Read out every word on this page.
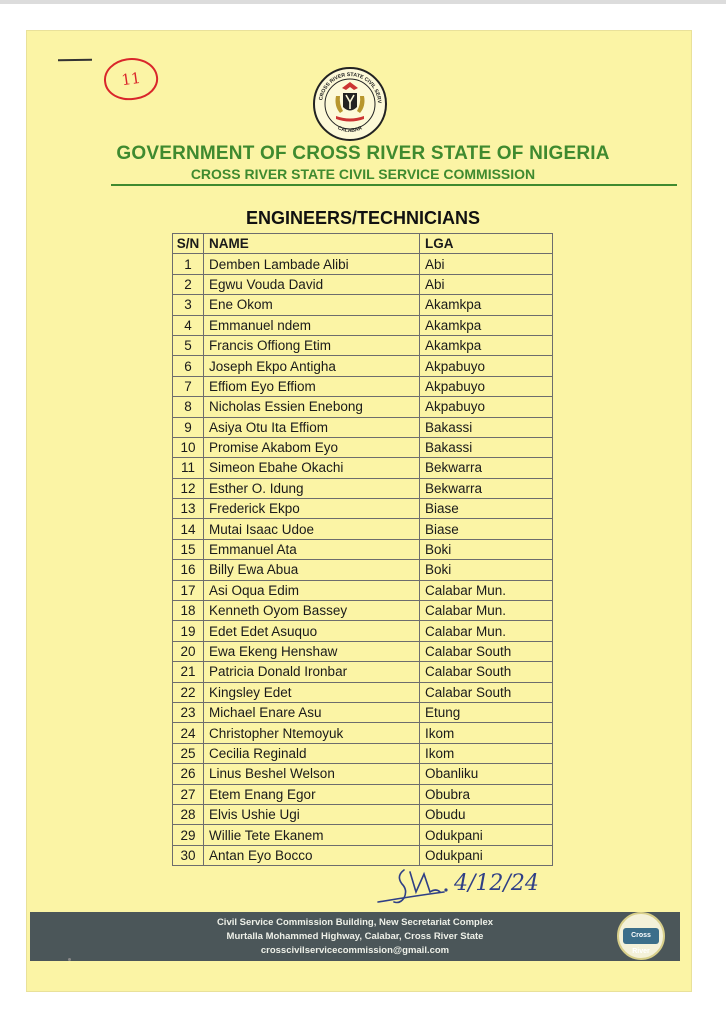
11
CROSS RIVER STATE CIVIL SERV
CALABAR
GOVERNMENT OF CROSS RIVER STATE OF NIGERIA
CROSS RIVER STATE CIVIL SERVICE COMMISSION
ENGINEERS/TECHNICIANS
S/N	NAME	LGA
1	Demben Lambade Alibi	Abi
2	Egwu Vouda David	Abi
3	Ene Okom	Akamkpa
4	Emmanuel ndem	Akamkpa
5	Francis Offiong Etim	Akamkpa
6	Joseph Ekpo Antigha	Akpabuyo
7	Effiom Eyo Effiom	Akpabuyo
8	Nicholas Essien Enebong	Akpabuyo
9	Asiya Otu Ita Effiom	Bakassi
10	Promise Akabom Eyo	Bakassi
11	Simeon Ebahe Okachi	Bekwarra
12	Esther O. Idung	Bekwarra
13	Frederick Ekpo	Biase
14	Mutai Isaac Udoe	Biase
15	Emmanuel Ata	Boki
16	Billy Ewa Abua	Boki
17	Asi Oqua Edim	Calabar Mun.
18	Kenneth Oyom Bassey	Calabar Mun.
19	Edet Edet Asuquo	Calabar Mun.
20	Ewa Ekeng Henshaw	Calabar South
21	Patricia Donald Ironbar	Calabar South
22	Kingsley Edet	Calabar South
23	Michael Enare Asu	Etung
24	Christopher Ntemoyuk	Ikom
25	Cecilia Reginald	Ikom
26	Linus Beshel Welson	Obanliku
27	Etem Enang Egor	Obubra
28	Elvis Ushie Ugi	Obudu
29	Willie Tete Ekanem	Odukpani
30	Antan Eyo Bocco	Odukpani
4/12/24
Civil Service Commission Building, New Secretariat Complex
Murtalla Mohammed Highway, Calabar, Cross River State
crosscivilservicecommission@gmail.com
Cross River
